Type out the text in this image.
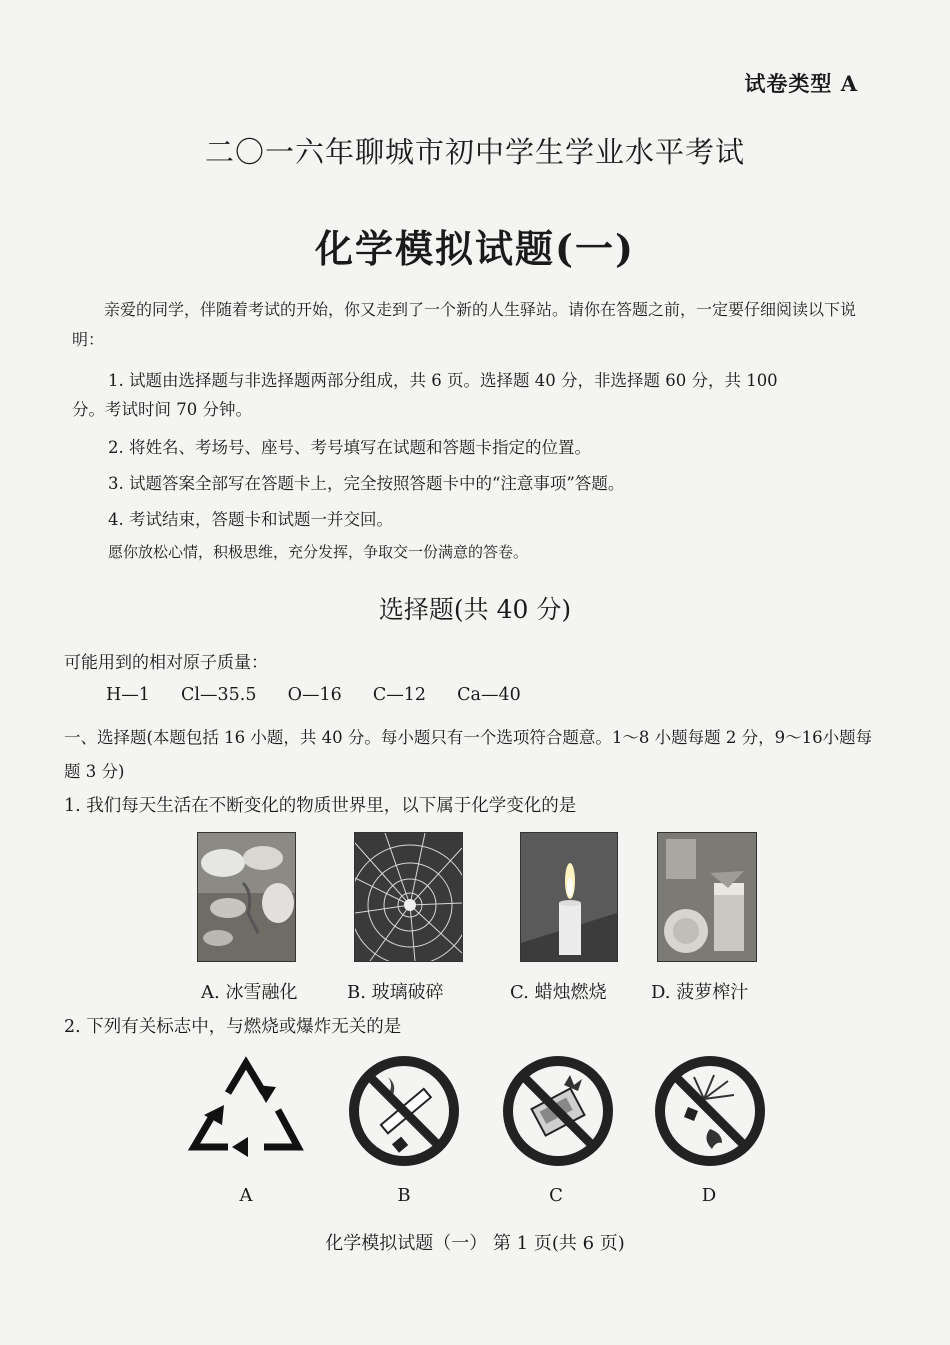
试卷类型 A
二〇一六年聊城市初中学生学业水平考试
化学模拟试题(一)
亲爱的同学，伴随着考试的开始，你又走到了一个新的人生驿站。请你在答题之前，一定要仔细阅读以下说明：
1. 试题由选择题与非选择题两部分组成，共 6 页。选择题 40 分，非选择题 60 分，共 100
分。考试时间 70 分钟。
2. 将姓名、考场号、座号、考号填写在试题和答题卡指定的位置。
3. 试题答案全部写在答题卡上，完全按照答题卡中的“注意事项”答题。
4. 考试结束，答题卡和试题一并交回。
愿你放松心情，积极思维，充分发挥，争取交一份满意的答卷。
选择题(共 40 分)
可能用到的相对原子质量：
H—1  Cl—35.5  O—16  C—12  Ca—40
一、选择题(本题包括 16 小题，共 40 分。每小题只有一个选项符合题意。1～8 小题每题 2 分，9～16小题每题 3 分)
1. 我们每天生活在不断变化的物质世界里，以下属于化学变化的是
A. 冰雪融化	B. 玻璃破碎	C. 蜡烛燃烧 D. 菠萝榨汁
2. 下列有关标志中，与燃烧或爆炸无关的是
A	B	C	D
化学模拟试题（一） 第 1 页(共 6 页)
